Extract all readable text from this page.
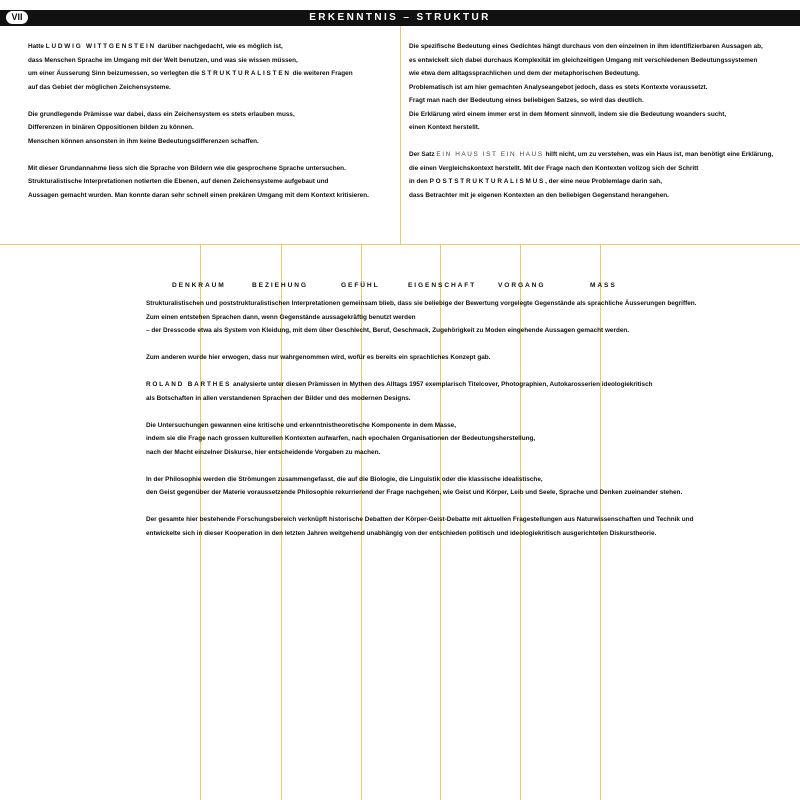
VII	ERKENNTNIS – STRUKTUR

Hatte LUDWIG WITTGENSTEIN darüber nachgedacht, wie es möglich ist,
dass Menschen Sprache im Umgang mit der Welt benutzen, und was sie wissen müssen,
um einer Äusserung Sinn beizumessen, so verlegten die STRUKTURALISTEN die weiteren Fragen
auf das Gebiet der möglichen Zeichensysteme.

Die grundlegende Prämisse war dabei, dass ein Zeichensystem es stets erlauben muss,
Differenzen in binären Oppositionen bilden zu können.
Menschen können ansonsten in ihm keine Bedeutungsdifferenzen schaffen.

Mit dieser Grundannahme liess sich die Sprache von Bildern wie die gesprochene Sprache untersuchen.
Strukturalistische Interpretationen notierten die Ebenen, auf denen Zeichensysteme aufgebaut und
Aussagen gemacht wurden. Man konnte daran sehr schnell einen prekären Umgang mit dem Kontext kritisieren.

Die spezifische Bedeutung eines Gedichtes hängt durchaus von den einzelnen in ihm identifizierbaren Aussagen ab,
es entwickelt sich dabei durchaus Komplexität im gleichzeitigen Umgang mit verschiedenen Bedeutungssystemen
wie etwa dem alltagssprachlichen und dem der metaphorischen Bedeutung.
Problematisch ist am hier gemachten Analyseangebot jedoch, dass es stets Kontexte voraussetzt.
Fragt man nach der Bedeutung eines beliebigen Satzes, so wird das deutlich.
Die Erklärung wird einem immer erst in dem Moment sinnvoll, indem sie die Bedeutung woanders sucht,
einen Kontext herstellt.

Der Satz EIN HAUS IST EIN HAUS hilft nicht, um zu verstehen, was ein Haus ist, man benötigt eine Erklärung,
die einen Vergleichskontext herstellt. Mit der Frage nach den Kontexten vollzog sich der Schritt
in den POSTSTRUKTURALISMUS, der eine neue Problemlage darin sah,
dass Betrachter mit je eigenen Kontexten an den beliebigen Gegenstand herangehen.

DENKRAUM	BEZIEHUNG	GEFÜHL	EIGENSCHAFT	VORGANG	MASS

Strukturalistischen und poststrukturalistischen Interpretationen gemeinsam blieb, dass sie beliebige der Bewertung vorgelegte Gegenstände als sprachliche Äusserungen begriffen.
Zum einen entstehen Sprachen dann, wenn Gegenstände aussagekräftig benutzt werden
– der Dresscode etwa als System von Kleidung, mit dem über Geschlecht, Beruf, Geschmack, Zugehörigkeit zu Moden eingehende Aussagen gemacht werden.

Zum anderen wurde hier erwogen, dass nur wahrgenommen wird, wofür es bereits ein sprachliches Konzept gab.

ROLAND BARTHES analysierte unter diesen Prämissen in Mythen des Alltags 1957 exemplarisch Titelcover, Photographien, Autokarosserien ideologiekritisch
als Botschaften in allen verstandenen Sprachen der Bilder und des modernen Designs.

Die Untersuchungen gewannen eine kritische und erkenntnistheoretische Komponente in dem Masse,
indem sie die Frage nach grossen kulturellen Kontexten aufwarfen, nach epochalen Organisationen der Bedeutungsherstellung,
nach der Macht einzelner Diskurse, hier entscheidende Vorgaben zu machen.

In der Philosophie werden die Strömungen zusammengefasst, die auf die Biologie, die Linguistik oder die klassische idealistische,
den Geist gegenüber der Materie voraussetzende Philosophie rekurrierend der Frage nachgehen, wie Geist und Körper, Leib und Seele, Sprache und Denken zueinander stehen.

Der gesamte hier bestehende Forschungsbereich verknüpft historische Debatten der Körper-Geist-Debatte mit aktuellen Fragestellungen aus Naturwissenschaften und Technik und
entwickelte sich in dieser Kooperation in den letzten Jahren weitgehend unabhängig von der entschieden politisch und ideologiekritisch ausgerichteten Diskurstheorie.
